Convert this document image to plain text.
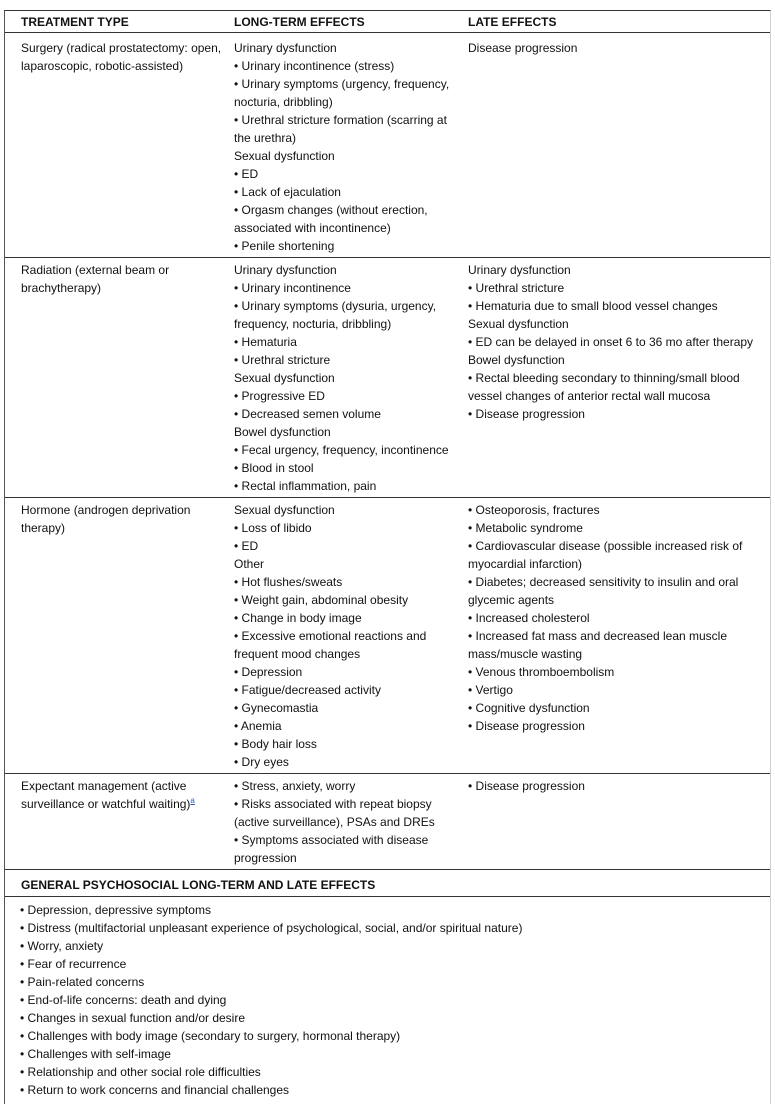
TREATMENT TYPE	LONG-TERM EFFECTS	LATE EFFECTS
Surgery (radical prostatectomy: open,
laparoscopic, robotic-assisted)
Urinary dysfunction
• Urinary incontinence (stress)
• Urinary symptoms (urgency, frequency,
nocturia, dribbling)
• Urethral stricture formation (scarring at
the urethra)
Sexual dysfunction
• ED
• Lack of ejaculation
• Orgasm changes (without erection,
associated with incontinence)
• Penile shortening
Disease progression
Radiation (external beam or
brachytherapy)
Urinary dysfunction
• Urinary incontinence
• Urinary symptoms (dysuria, urgency,
frequency, nocturia, dribbling)
• Hematuria
• Urethral stricture
Sexual dysfunction
• Progressive ED
• Decreased semen volume
Bowel dysfunction
• Fecal urgency, frequency, incontinence
• Blood in stool
• Rectal inflammation, pain
Urinary dysfunction
• Urethral stricture
• Hematuria due to small blood vessel changes
Sexual dysfunction
• ED can be delayed in onset 6 to 36 mo after therapy
Bowel dysfunction
• Rectal bleeding secondary to thinning/small blood
vessel changes of anterior rectal wall mucosa
• Disease progression
Hormone (androgen deprivation
therapy)
Sexual dysfunction
• Loss of libido
• ED
Other
• Hot flushes/sweats
• Weight gain, abdominal obesity
• Change in body image
• Excessive emotional reactions and
frequent mood changes
• Depression
• Fatigue/decreased activity
• Gynecomastia
• Anemia
• Body hair loss
• Dry eyes
• Osteoporosis, fractures
• Metabolic syndrome
• Cardiovascular disease (possible increased risk of
myocardial infarction)
• Diabetes; decreased sensitivity to insulin and oral
glycemic agents
• Increased cholesterol
• Increased fat mass and decreased lean muscle
mass/muscle wasting
• Venous thromboembolism
• Vertigo
• Cognitive dysfunction
• Disease progression
Expectant management (active
surveillance or watchful waiting)$^a$
• Stress, anxiety, worry
• Risks associated with repeat biopsy
(active surveillance), PSAs and DREs
• Symptoms associated with disease
progression
• Disease progression
GENERAL PSYCHOSOCIAL LONG-TERM AND LATE EFFECTS
• Depression, depressive symptoms
• Distress (multifactorial unpleasant experience of psychological, social, and/or spiritual nature)
• Worry, anxiety
• Fear of recurrence
• Pain-related concerns
• End-of-life concerns: death and dying
• Changes in sexual function and/or desire
• Challenges with body image (secondary to surgery, hormonal therapy)
• Challenges with self-image
• Relationship and other social role difficulties
• Return to work concerns and financial challenges
